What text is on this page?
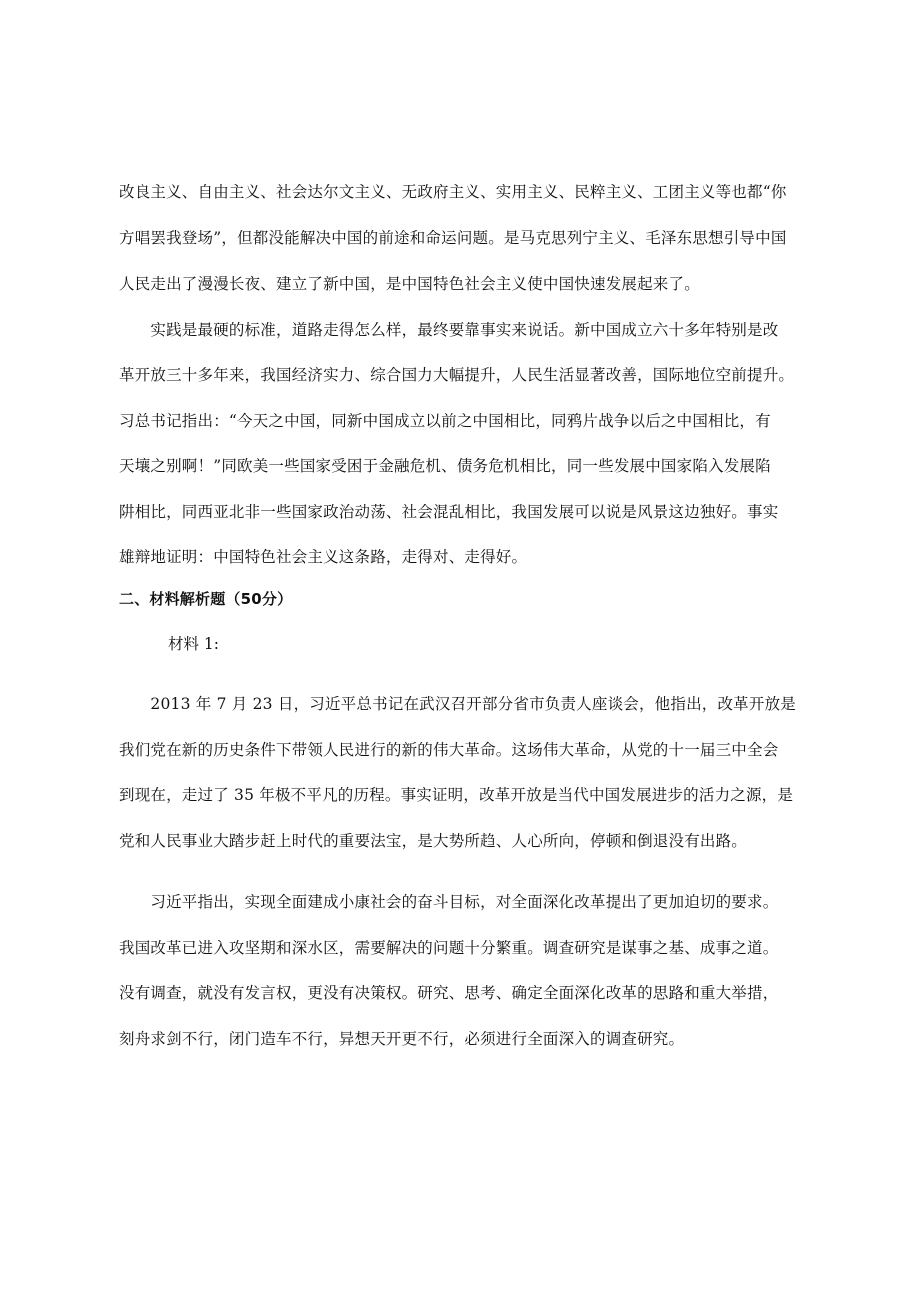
改良主义、自由主义、社会达尔文主义、无政府主义、实用主义、民粹主义、工团主义等也都“你
方唱罢我登场”，但都没能解决中国的前途和命运问题。是马克思列宁主义、毛泽东思想引导中国
人民走出了漫漫长夜、建立了新中国，是中国特色社会主义使中国快速发展起来了。
　　实践是最硬的标准，道路走得怎么样，最终要靠事实来说话。新中国成立六十多年特别是改
革开放三十多年来，我国经济实力、综合国力大幅提升，人民生活显著改善，国际地位空前提升。
习总书记指出：“今天之中国，同新中国成立以前之中国相比，同鸦片战争以后之中国相比，有
天壤之别啊！”同欧美一些国家受困于金融危机、债务危机相比，同一些发展中国家陷入发展陷
阱相比，同西亚北非一些国家政治动荡、社会混乱相比，我国发展可以说是风景这边独好。事实
雄辩地证明：中国特色社会主义这条路，走得对、走得好。
二、材料解析题（50分）
材料 1:
　　2013 年 7 月 23 日，习近平总书记在武汉召开部分省市负责人座谈会，他指出，改革开放是
我们党在新的历史条件下带领人民进行的新的伟大革命。这场伟大革命，从党的十一届三中全会
到现在，走过了 35 年极不平凡的历程。事实证明，改革开放是当代中国发展进步的活力之源，是
党和人民事业大踏步赶上时代的重要法宝，是大势所趋、人心所向，停顿和倒退没有出路。
　　习近平指出，实现全面建成小康社会的奋斗目标，对全面深化改革提出了更加迫切的要求。
我国改革已进入攻坚期和深水区，需要解决的问题十分繁重。调查研究是谋事之基、成事之道。
没有调查，就没有发言权，更没有决策权。研究、思考、确定全面深化改革的思路和重大举措，
刻舟求剑不行，闭门造车不行，异想天开更不行，必须进行全面深入的调查研究。
